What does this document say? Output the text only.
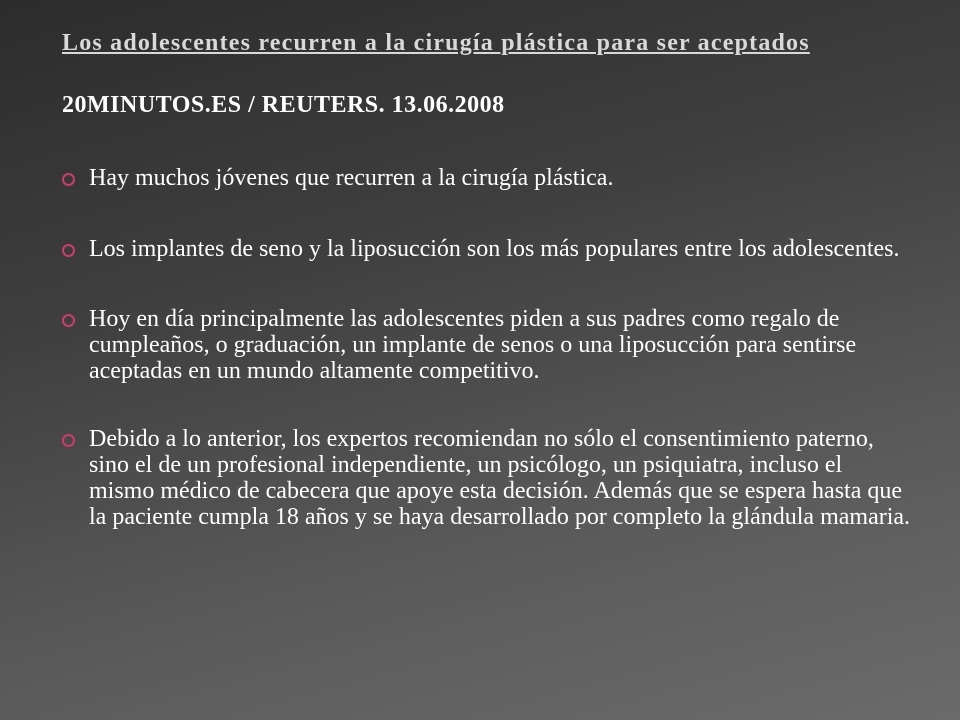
Los adolescentes recurren a la cirugía plástica para ser aceptados
20MINUTOS.ES / REUTERS. 13.06.2008
Hay muchos jóvenes que recurren a la cirugía plástica.
Los implantes de seno y la liposucción son los más populares entre los adolescentes.
Hoy en día principalmente las adolescentes piden a sus padres como regalo de cumpleaños, o graduación, un implante de senos o una liposucción para sentirse aceptadas en un mundo altamente competitivo.
Debido a lo anterior, los expertos recomiendan no sólo el consentimiento paterno, sino el de un profesional independiente, un psicólogo, un psiquiatra, incluso el mismo médico de cabecera que apoye esta decisión. Además que se espera hasta que la paciente cumpla 18 años y se haya desarrollado por completo la glándula mamaria.
